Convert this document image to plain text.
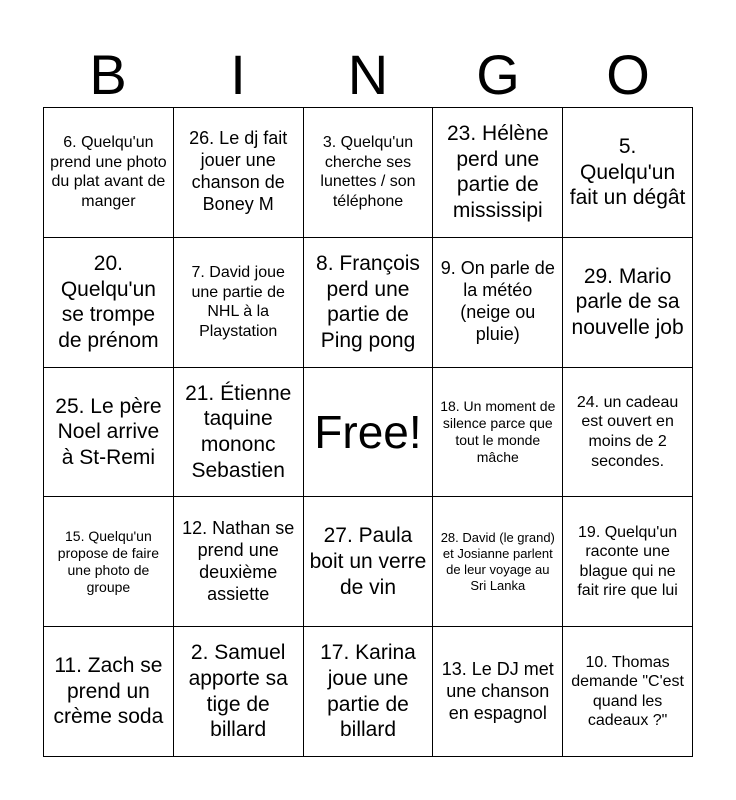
B	I	N	G	O
6. Quelqu'un prend une photo du plat avant de manger
26. Le dj fait jouer une chanson de Boney M
3. Quelqu'un cherche ses lunettes / son téléphone
23. Hélène perd une partie de mississipi
5. Quelqu'un fait un dégât
20. Quelqu'un se trompe de prénom
7. David joue une partie de NHL à la Playstation
8. François perd une partie de Ping pong
9. On parle de la météo (neige ou pluie)
29. Mario parle de sa nouvelle job
25. Le père Noel arrive à St-Remi
21. Étienne taquine mononc Sebastien
Free!
18. Un moment de silence parce que tout le monde mâche
24. un cadeau est ouvert en moins de 2 secondes.
15. Quelqu'un propose de faire une photo de groupe
12. Nathan se prend une deuxième assiette
27. Paula boit un verre de vin
28. David (le grand) et Josianne parlent de leur voyage au Sri Lanka
19. Quelqu'un raconte une blague qui ne fait rire que lui
11. Zach se prend un crème soda
2. Samuel apporte sa tige de billard
17. Karina joue une partie de billard
13. Le DJ met une chanson en espagnol
10. Thomas demande "C'est quand les cadeaux ?"
